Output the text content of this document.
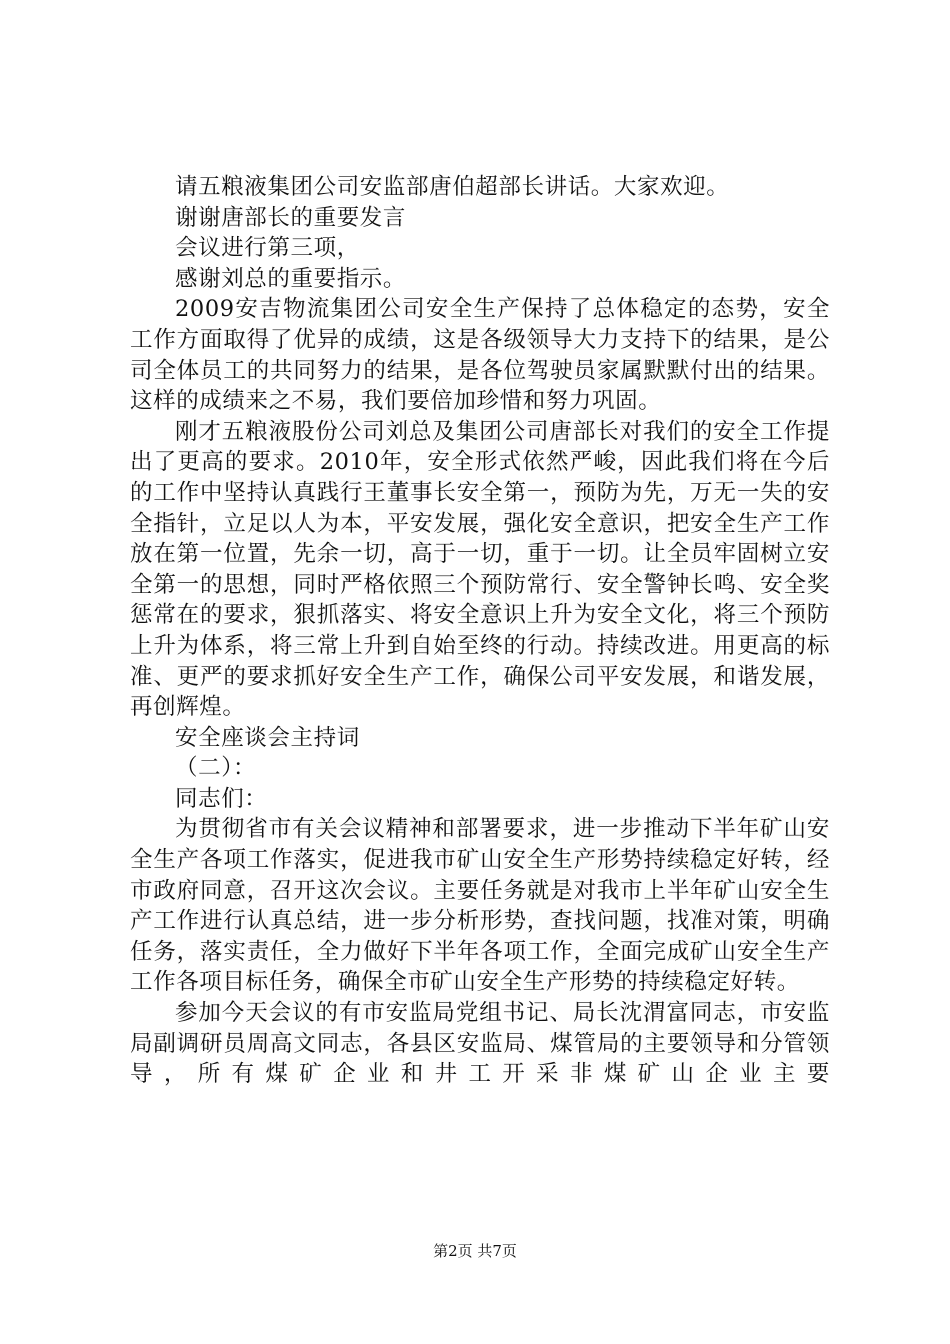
请五粮液集团公司安监部唐伯超部长讲话。大家欢迎。

谢谢唐部长的重要发言

会议进行第三项，

感谢刘总的重要指示。

2009安吉物流集团公司安全生产保持了总体稳定的态势，安全工作方面取得了优异的成绩，这是各级领导大力支持下的结果，是公司全体员工的共同努力的结果，是各位驾驶员家属默默付出的结果。这样的成绩来之不易，我们要倍加珍惜和努力巩固。

刚才五粮液股份公司刘总及集团公司唐部长对我们的安全工作提出了更高的要求。2010年，安全形式依然严峻，因此我们将在今后的工作中坚持认真践行王董事长安全第一，预防为先，万无一失的安全指针，立足以人为本，平安发展，强化安全意识，把安全生产工作放在第一位置，先余一切，高于一切，重于一切。让全员牢固树立安全第一的思想，同时严格依照三个预防常行、安全警钟长鸣、安全奖惩常在的要求，狠抓落实、将安全意识上升为安全文化，将三个预防上升为体系，将三常上升到自始至终的行动。持续改进。用更高的标准、更严的要求抓好安全生产工作，确保公司平安发展，和谐发展，再创辉煌。

安全座谈会主持词

（二）：

同志们：

为贯彻省市有关会议精神和部署要求，进一步推动下半年矿山安全生产各项工作落实，促进我市矿山安全生产形势持续稳定好转，经市政府同意，召开这次会议。主要任务就是对我市上半年矿山安全生产工作进行认真总结，进一步分析形势，查找问题，找准对策，明确任务，落实责任，全力做好下半年各项工作，全面完成矿山安全生产工作各项目标任务，确保全市矿山安全生产形势的持续稳定好转。

参加今天会议的有市安监局党组书记、局长沈渭富同志，市安监局副调研员周高文同志，各县区安监局、煤管局的主要领导和分管领导，所有煤矿企业和井工开采非煤矿山企业主要

第2页 共7页
